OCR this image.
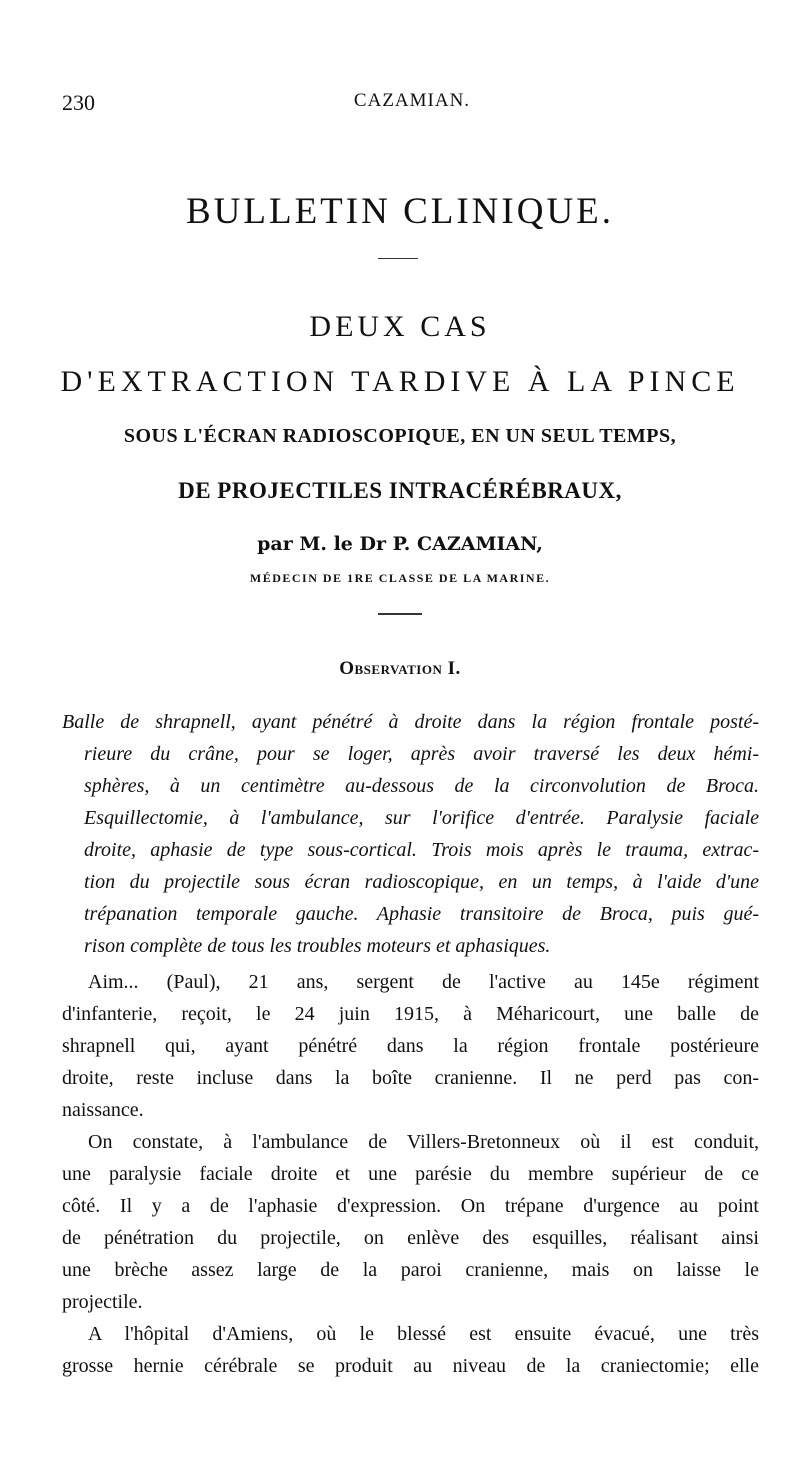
230	CAZAMIAN.
BULLETIN CLINIQUE.
DEUX CAS
D'EXTRACTION TARDIVE À LA PINCE
SOUS L'ÉCRAN RADIOSCOPIQUE, EN UN SEUL TEMPS,
DE PROJECTILES INTRACÉRÉBRAUX,
par M. le Dr P. CAZAMIAN,
MÉDECIN DE 1RE CLASSE DE LA MARINE.
Observation I.
Balle de shrapnell, ayant pénétré à droite dans la région frontale posté-
rieure du crâne, pour se loger, après avoir traversé les deux hémi-
sphères, à un centimètre au-dessous de la circonvolution de Broca.
Esquillectomie, à l'ambulance, sur l'orifice d'entrée. Paralysie faciale
droite, aphasie de type sous-cortical. Trois mois après le trauma, extrac-
tion du projectile sous écran radioscopique, en un temps, à l'aide d'une
trépanation temporale gauche. Aphasie transitoire de Broca, puis gué-
rison complète de tous les troubles moteurs et aphasiques.
Aim... (Paul), 21 ans, sergent de l'active au 145e régiment
d'infanterie, reçoit, le 24 juin 1915, à Méharicourt, une balle de
shrapnell qui, ayant pénétré dans la région frontale postérieure
droite, reste incluse dans la boîte cranienne. Il ne perd pas con-
naissance.
On constate, à l'ambulance de Villers-Bretonneux où il est conduit,
une paralysie faciale droite et une parésie du membre supérieur de ce
côté. Il y a de l'aphasie d'expression. On trépane d'urgence au point
de pénétration du projectile, on enlève des esquilles, réalisant ainsi
une brèche assez large de la paroi cranienne, mais on laisse le
projectile.
A l'hôpital d'Amiens, où le blessé est ensuite évacué, une très
grosse hernie cérébrale se produit au niveau de la craniectomie; elle
